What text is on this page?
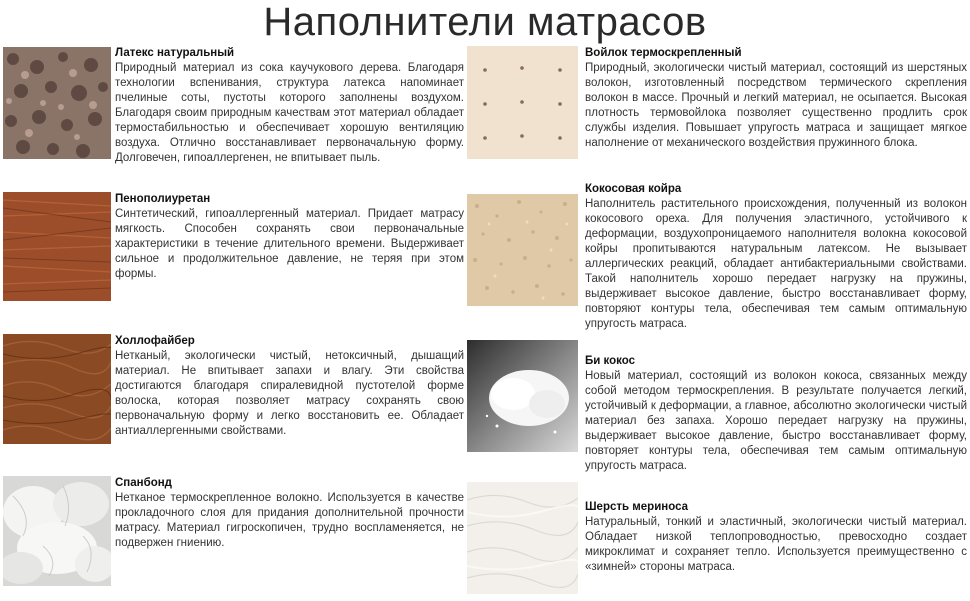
Наполнители матрасов
Латекс натуральный
Природный материал из сока каучукового дерева. Благодаря технологии вспенивания, структура латекса напоминает пчелиные соты, пустоты которого заполнены воздухом. Благодаря своим природным качествам этот материал обладает термостабильностью и обеспечивает хорошую вентиляцию воздуха. Отлично восстанавливает первоначальную форму. Долговечен, гипоаллергенен, не впитывает пыль.
Пенополиуретан
Синтетический, гипоаллергенный материал. Придает матрасу мягкость. Способен сохранять свои первоначальные характеристики в течение длительного времени. Выдерживает сильное и продолжительное давление, не теряя при этом формы.
Холлофайбер
Нетканый, экологически чистый, нетоксичный, дышащий материал. Не впитывает запахи и влагу. Эти свойства достигаются благодаря спиралевидной пустотелой форме волоска, которая позволяет матрасу сохранять свою первоначальную форму и легко восстановить ее. Обладает антиаллергенными свойствами.
Спанбонд
Нетканое термоскрепленное волокно. Используется в качестве прокладочного слоя для придания дополнительной прочности матрасу. Материал гигроскопичен, трудно воспламеняется, не подвержен гниению.
Войлок термоскрепленный
Природный, экологически чистый материал, состоящий из шерстяных волокон, изготовленный посредством термического скрепления волокон в массе. Прочный и легкий материал, не осыпается. Высокая плотность термовойлока позволяет существенно продлить срок службы изделия. Повышает упругость матраса и защищает мягкое наполнение от механического воздействия пружинного блока.
Кокосовая койра
Наполнитель растительного происхождения, полученный из волокон кокосового ореха. Для получения эластичного, устойчивого к деформации, воздухопроницаемого наполнителя волокна кокосовой койры пропитываются натуральным латексом. Не вызывает аллергических реакций, обладает антибактериальными свойствами. Такой наполнитель хорошо передает нагрузку на пружины, выдерживает высокое давление, быстро восстанавливает форму, повторяют контуры тела, обеспечивая тем самым оптимальную упругость матраса.
Би кокос
Новый материал, состоящий из волокон кокоса, связанных между собой методом термоскрепления. В результате получается легкий, устойчивый к деформации, а главное, абсолютно экологически чистый материал без запаха. Хорошо передает нагрузку на пружины, выдерживает высокое давление, быстро восстанавливает форму, повторяет контуры тела, обеспечивая тем самым оптимальную упругость матраса.
Шерсть мериноса
Натуральный, тонкий и эластичный, экологически чистый материал. Обладает низкой теплопроводностью, превосходно создает микроклимат и сохраняет тепло. Используется преимущественно с «зимней» стороны матраса.
